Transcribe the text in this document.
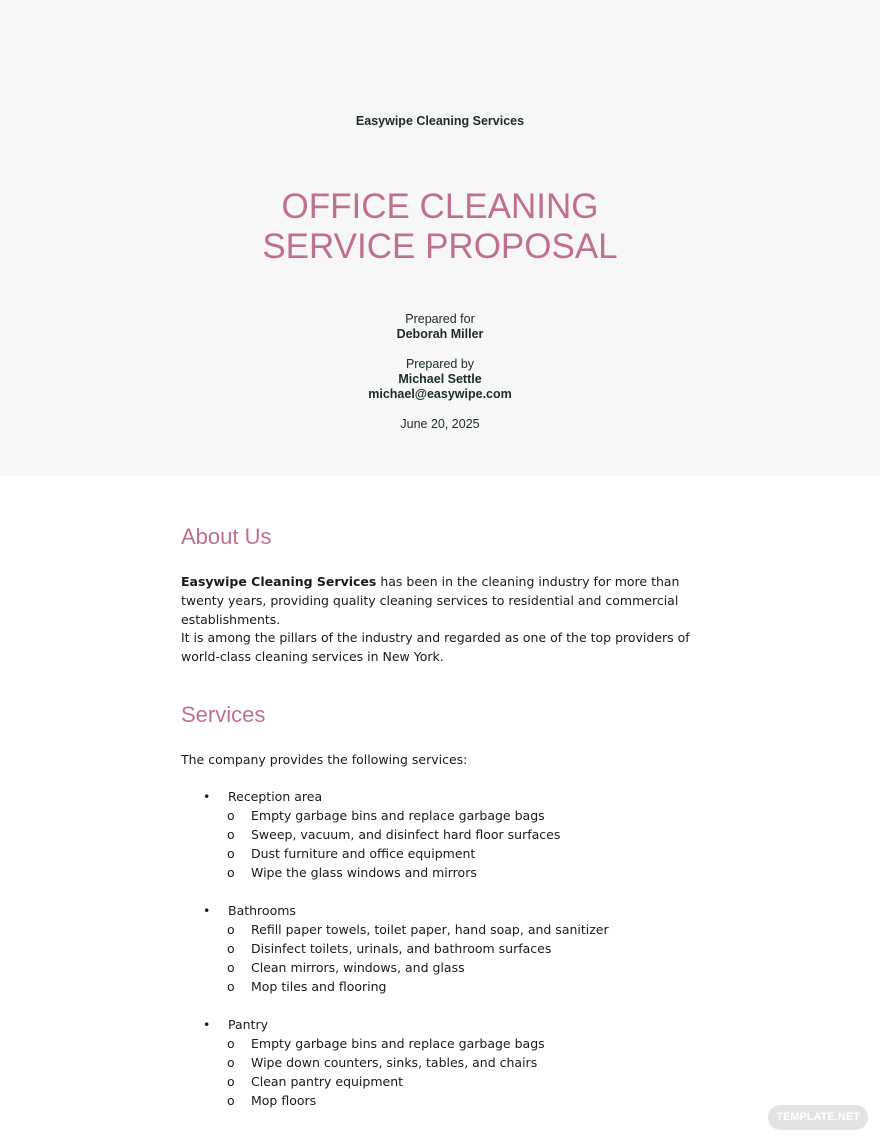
Easywipe Cleaning Services
OFFICE CLEANING
SERVICE PROPOSAL
Prepared for
Deborah Miller
Prepared by
Michael Settle
michael@easywipe.com
June 20, 2025
About Us
Easywipe Cleaning Services has been in the cleaning industry for more than twenty years, providing quality cleaning services to residential and commercial establishments.
It is among the pillars of the industry and regarded as one of the top providers of world-class cleaning services in New York.
Services
The company provides the following services:
• Reception area
o Empty garbage bins and replace garbage bags
o Sweep, vacuum, and disinfect hard floor surfaces
o Dust furniture and office equipment
o Wipe the glass windows and mirrors
• Bathrooms
o Refill paper towels, toilet paper, hand soap, and sanitizer
o Disinfect toilets, urinals, and bathroom surfaces
o Clean mirrors, windows, and glass
o Mop tiles and flooring
• Pantry
o Empty garbage bins and replace garbage bags
o Wipe down counters, sinks, tables, and chairs
o Clean pantry equipment
o Mop floors
TEMPLATE.NET
